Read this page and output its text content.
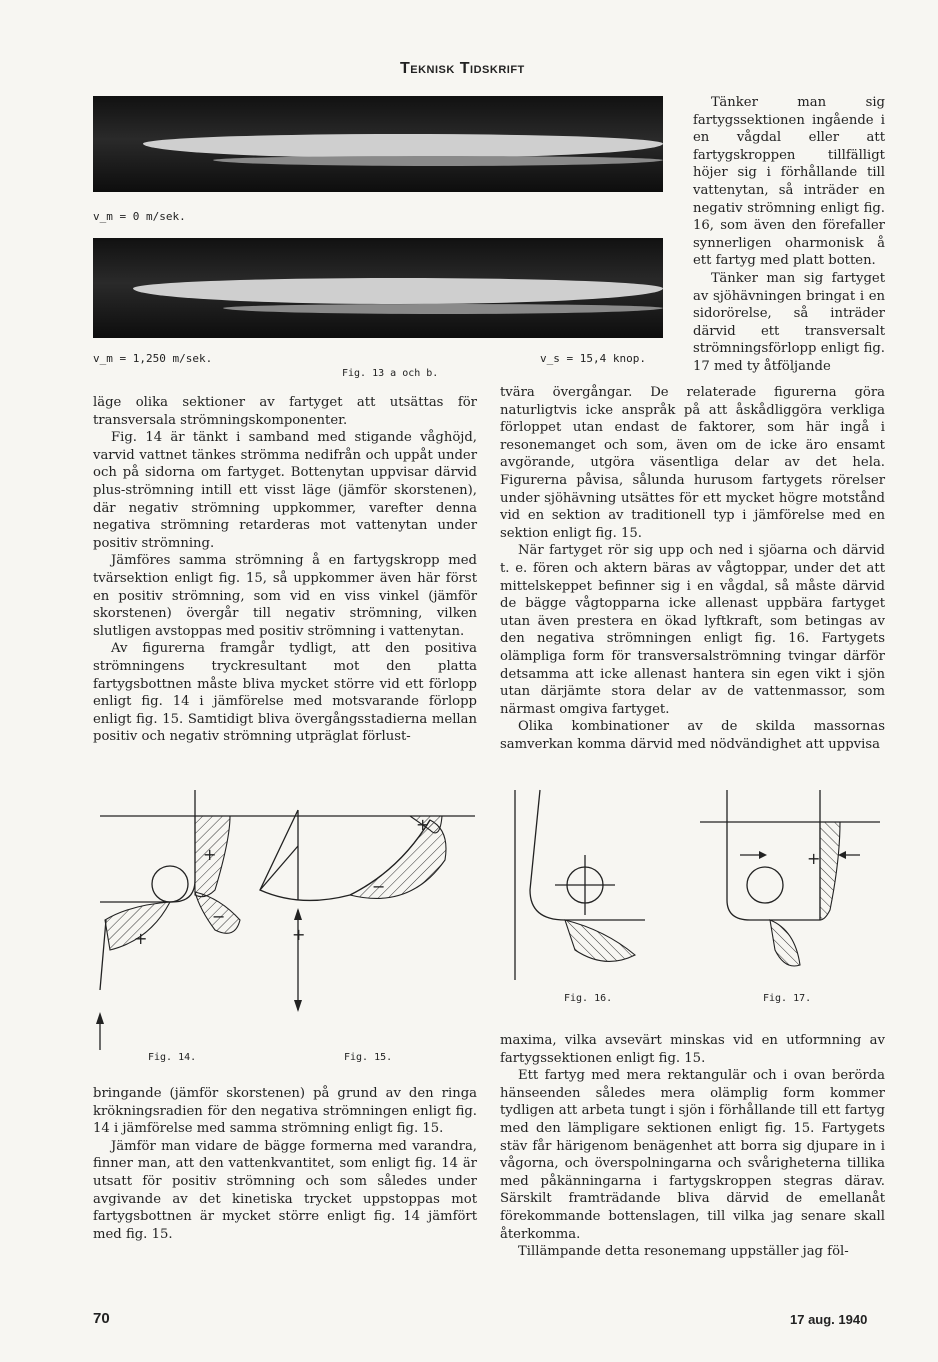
Teknisk Tidskrift
v_m = 0 m/sek.
v_m = 1,250 m/sek.	v_s = 15,4 knop.
Fig. 13 a och b.

Tänker man sig fartygssektionen ingående i en vågdal eller att fartygskroppen tillfälligt höjer sig i förhållande till vattenytan, så inträder en negativ strömning enligt fig. 16, som även den förefaller synnerligen oharmonisk å ett fartyg med platt botten.

Tänker man sig fartyget av sjöhävningen bringat i en sidorörelse, så inträder därvid ett transversalt strömningsförlopp enligt fig. 17 med ty åtföljande

läge olika sektioner av fartyget att utsättas för transversala strömningskomponenter.

Fig. 14 är tänkt i samband med stigande våghöjd, varvid vattnet tänkes strömma nedifrån och uppåt under och på sidorna om fartyget. Bottenytan uppvisar därvid plus-strömning intill ett visst läge (jämför skorstenen), där negativ strömning uppkommer, varefter denna negativa strömning retarderas mot vattenytan under positiv strömning.

Jämföres samma strömning å en fartygskropp med tvärsektion enligt fig. 15, så uppkommer även här först en positiv strömning, som vid en viss vinkel (jämför skorstenen) övergår till negativ strömning, vilken slutligen avstoppas med positiv strömning i vattenytan.

Av figurerna framgår tydligt, att den positiva strömningens tryckresultant mot den platta fartygsbottnen måste bliva mycket större vid ett förlopp enligt fig. 14 i jämförelse med motsvarande förlopp enligt fig. 15. Samtidigt bliva övergångsstadierna mellan positiv och negativ strömning utpräglat förlust-

tvära övergångar. De relaterade figurerna göra naturligtvis icke anspråk på att åskådliggöra verkliga förloppet utan endast de faktorer, som här ingå i resonemanget och som, även om de icke äro ensamt avgörande, utgöra väsentliga delar av det hela. Figurerna påvisa, sålunda hurusom fartygets rörelser under sjöhävning utsättes för ett mycket högre motstånd vid en sektion av traditionell typ i jämförelse med en sektion enligt fig. 15.

När fartyget rör sig upp och ned i sjöarna och därvid t. e. fören och aktern bäras av vågtoppar, under det att mittelskeppet befinner sig i en vågdal, så måste därvid de bägge vågtopparna icke allenast uppbära fartyget utan även prestera en ökad lyftkraft, som betingas av den negativa strömningen enligt fig. 16. Fartygets olämpliga form för transversalströmning tvingar därför detsamma att icke allenast hantera sin egen vikt i sjön utan därjämte stora delar av de vattenmassor, som närmast omgiva fartyget.

Olika kombinationer av de skilda massornas samverkan komma därvid med nödvändighet att uppvisa

+
−
+	+
−
+
Fig. 14.	Fig. 15.
+
Fig. 16.	Fig. 17.

bringande (jämför skorstenen) på grund av den ringa krökningsradien för den negativa strömningen enligt fig. 14 i jämförelse med samma strömning enligt fig. 15.

Jämför man vidare de bägge formerna med varandra, finner man, att den vattenkvantitet, som enligt fig. 14 är utsatt för positiv strömning och som således under avgivande av det kinetiska trycket uppstoppas mot fartygsbottnen är mycket större enligt fig. 14 jämfört med fig. 15.

maxima, vilka avsevärt minskas vid en utformning av fartygssektionen enligt fig. 15.

Ett fartyg med mera rektangulär och i ovan berörda hänseenden således mera olämplig form kommer tydligen att arbeta tungt i sjön i förhållande till ett fartyg med den lämpligare sektionen enligt fig. 15. Fartygets stäv får härigenom benägenhet att borra sig djupare in i vågorna, och överspolningarna och svårigheterna tillika med påkänningarna i fartygskroppen stegras därav. Särskilt framträdande bliva därvid de emellanåt förekommande bottenslagen, till vilka jag senare skall återkomma.

Tillämpande detta resonemang uppställer jag föl-

70	17 aug. 1940
